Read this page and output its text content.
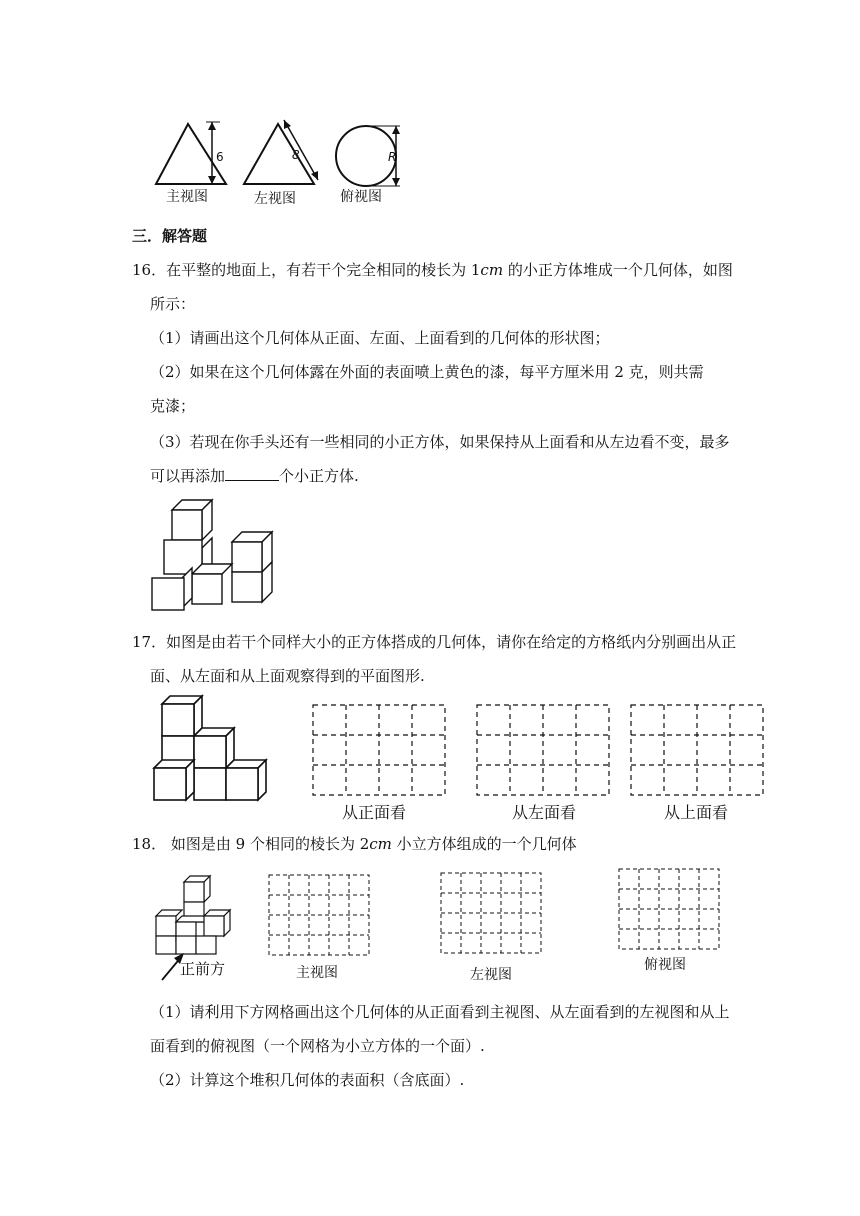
6	8	R
主视图	左视图	俯视图
三．解答题
16．在平整的地面上，有若干个完全相同的棱长为 1cm 的小正方体堆成一个几何体，如图
所示：
（1）请画出这个几何体从正面、左面、上面看到的几何体的形状图；
（2）如果在这个几何体露在外面的表面喷上黄色的漆，每平方厘米用 2 克，则共需
克漆；
（3）若现在你手头还有一些相同的小正方体，如果保持从上面看和从左边看不变，最多
可以再添加	个小正方体.
17．如图是由若干个同样大小的正方体搭成的几何体，请你在给定的方格纸内分别画出从正
面、从左面和从上面观察得到的平面图形.
从正面看	从左面看	从上面看
18． 如图是由 9 个相同的棱长为 2cm 小立方体组成的一个几何体
正前方	主视图	左视图
俯视图
（1）请利用下方网格画出这个几何体的从正面看到主视图、从左面看到的左视图和从上
面看到的俯视图（一个网格为小立方体的一个面）.
（2）计算这个堆积几何体的表面积（含底面）.
